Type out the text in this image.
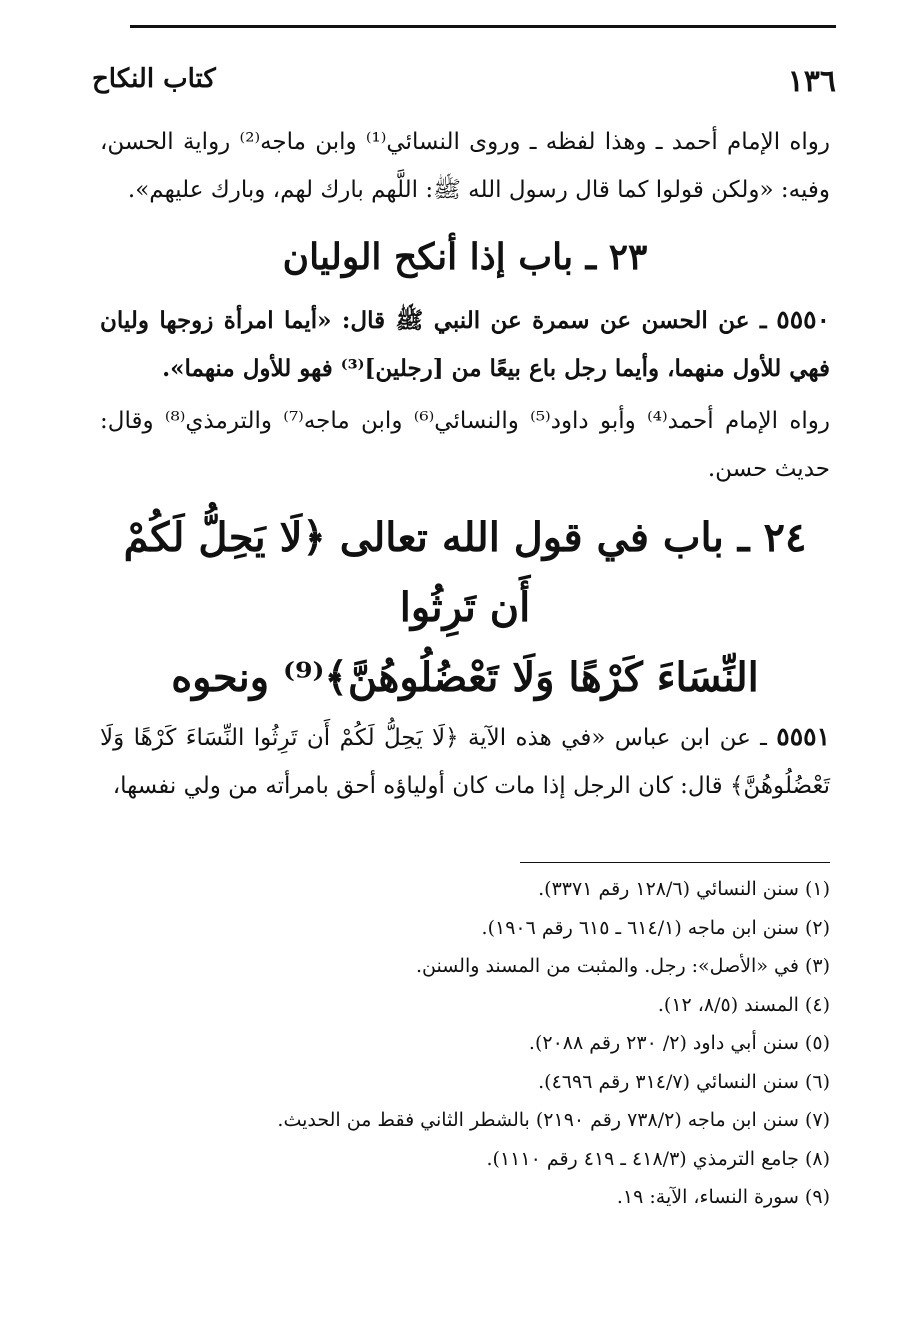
١٣٦
كتاب النكاح

رواه الإمام أحمد ـ وهذا لفظه ـ وروى النسائي⁽¹⁾ وابن ماجه⁽²⁾ رواية الحسن، وفيه: «ولكن قولوا كما قال رسول الله ﷺ: اللَّهم بارك لهم، وبارك عليهم».

٢٣ ـ باب إذا أنكح الوليان

٥٥٥٠ ـ عن الحسن عن سمرة عن النبي ﷺ قال: «أيما امرأة زوجها وليان فهي للأول منهما، وأيما رجل باع بيعًا من [رجلين]⁽³⁾ فهو للأول منهما».

رواه الإمام أحمد⁽⁴⁾ وأبو داود⁽⁵⁾ والنسائي⁽⁶⁾ وابن ماجه⁽⁷⁾ والترمذي⁽⁸⁾ وقال: حديث حسن.

٢٤ ـ باب في قول الله تعالى ﴿لَا يَحِلُّ لَكُمْ أَن تَرِثُوا
النِّسَاءَ كَرْهًا وَلَا تَعْضُلُوهُنَّ﴾⁽⁹⁾ ونحوه

٥٥٥١ ـ عن ابن عباس «في هذه الآية ﴿لَا يَحِلُّ لَكُمْ أَن تَرِثُوا النِّسَاءَ كَرْهًا وَلَا تَعْضُلُوهُنَّ﴾ قال: كان الرجل إذا مات كان أولياؤه أحق بامرأته من ولي نفسها،

(١) سنن النسائي (١٢٨/٦ رقم ٣٣٧١).

(٢) سنن ابن ماجه (٦١٤/١ ـ ٦١٥ رقم ١٩٠٦).

(٣) في «الأصل»: رجل. والمثبت من المسند والسنن.

(٤) المسند (٨/٥، ١٢).

(٥) سنن أبي داود (٢/ ٢٣٠ رقم ٢٠٨٨).

(٦) سنن النسائي (٣١٤/٧ رقم ٤٦٩٦).

(٧) سنن ابن ماجه (٧٣٨/٢ رقم ٢١٩٠) بالشطر الثاني فقط من الحديث.

(٨) جامع الترمذي (٤١٨/٣ ـ ٤١٩ رقم ١١١٠).

(٩) سورة النساء، الآية: ١٩.
